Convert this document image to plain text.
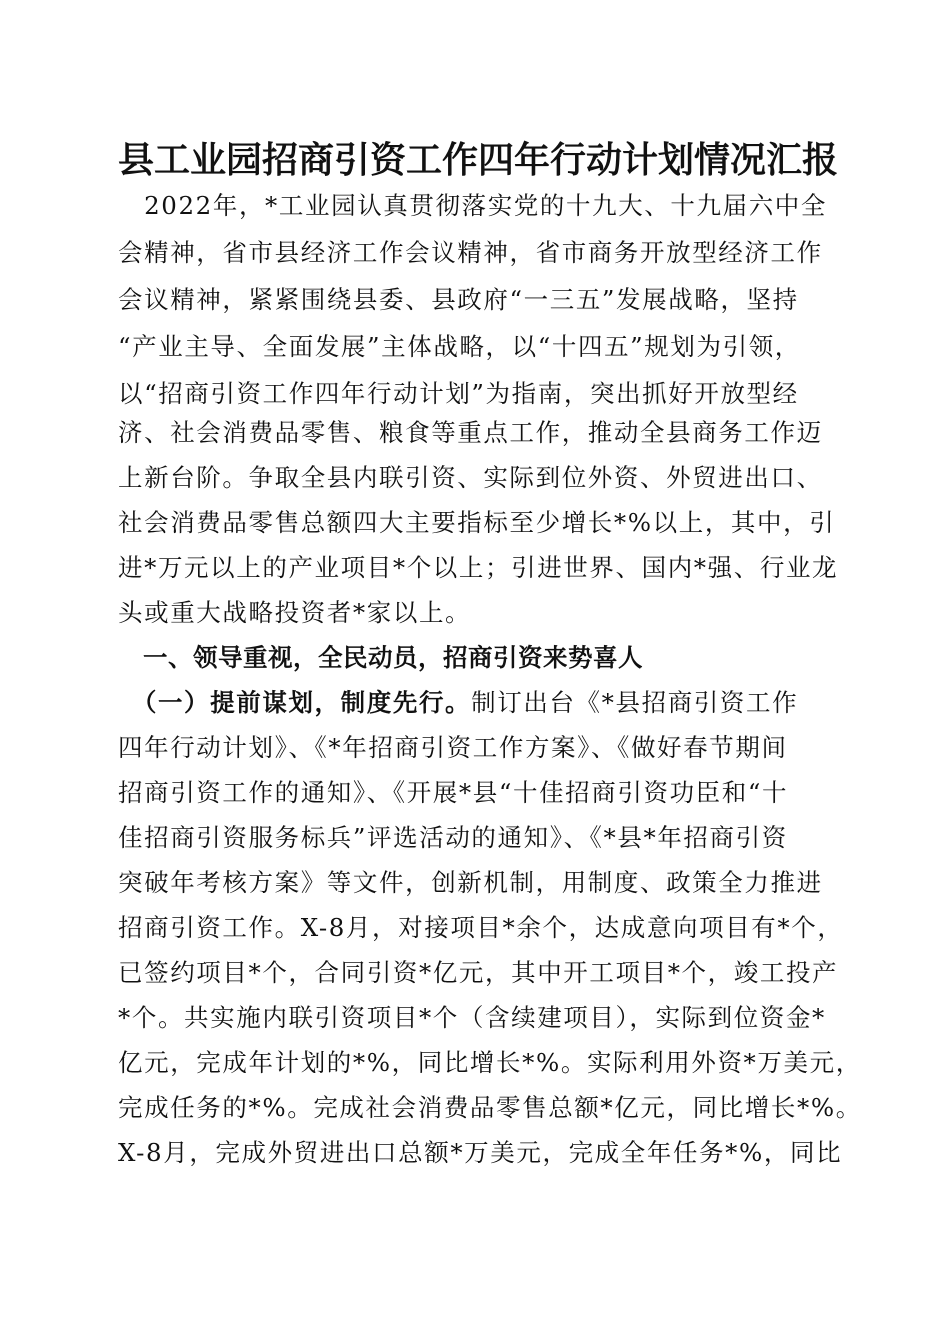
县工业园招商引资工作四年行动计划情况汇报
　2022年，*工业园认真贯彻落实党的十九大、十九届六中全
会精神，省市县经济工作会议精神，省市商务开放型经济工作
会议精神，紧紧围绕县委、县政府“一三五”发展战略，坚持
“产业主导、全面发展”主体战略，以“十四五”规划为引领，
以“招商引资工作四年行动计划”为指南，突出抓好开放型经
济、社会消费品零售、粮食等重点工作，推动全县商务工作迈
上新台阶。争取全县内联引资、实际到位外资、外贸进出口、
社会消费品零售总额四大主要指标至少增长*%以上，其中，引
进*万元以上的产业项目*个以上；引进世界、国内*强、行业龙
头或重大战略投资者*家以上。
　一、领导重视，全民动员，招商引资来势喜人
　（一）提前谋划，制度先行。制订出台《*县招商引资工作
四年行动计划》、《*年招商引资工作方案》、《做好春节期间
招商引资工作的通知》、《开展*县“十佳招商引资功臣和“十
佳招商引资服务标兵”评选活动的通知》、《*县*年招商引资
突破年考核方案》等文件，创新机制，用制度、政策全力推进
招商引资工作。X-8月，对接项目*余个，达成意向项目有*个，
已签约项目*个，合同引资*亿元，其中开工项目*个，竣工投产
*个。共实施内联引资项目*个（含续建项目），实际到位资金*
亿元，完成年计划的*%，同比增长*%。实际利用外资*万美元，
完成任务的*%。完成社会消费品零售总额*亿元，同比增长*%。
X-8月，完成外贸进出口总额*万美元，完成全年任务*%，同比
